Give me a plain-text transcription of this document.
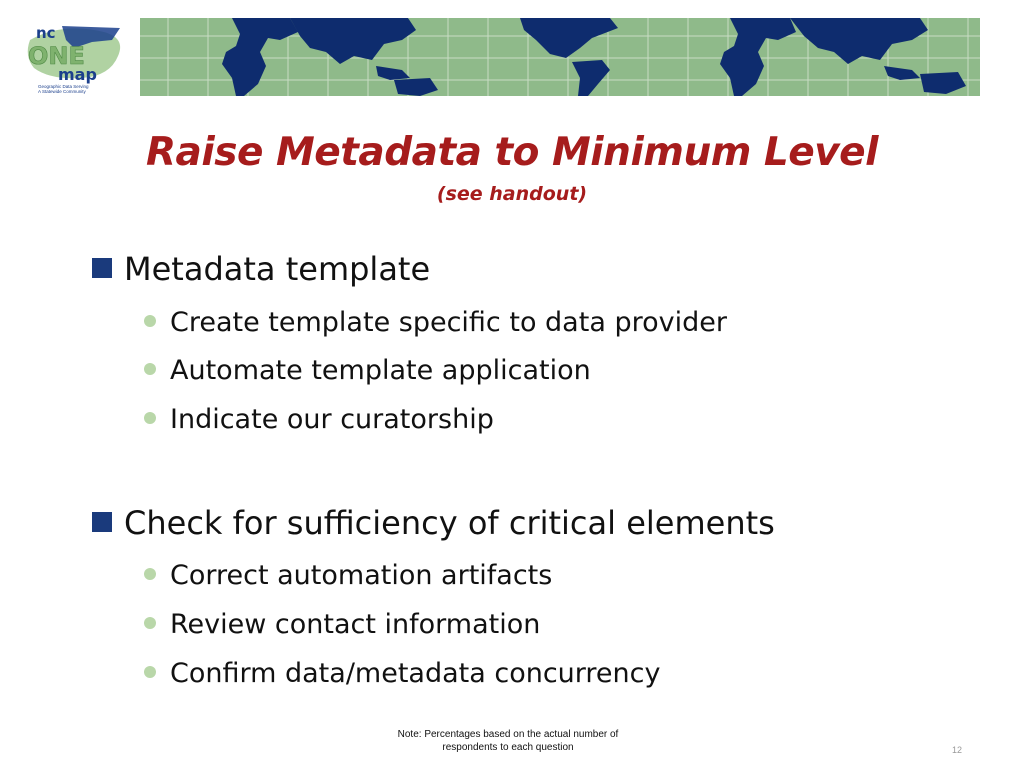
nc
ONE
map
Geographic Data Serving
A Statewide Community
Raise Metadata to Minimum Level
(see handout)
Metadata template
Create template specific to data provider
Automate template application
Indicate our curatorship
Check for sufficiency of critical elements
Correct automation artifacts
Review contact information
Confirm data/metadata concurrency
Note: Percentages based on the actual number of
respondents to each question	12
